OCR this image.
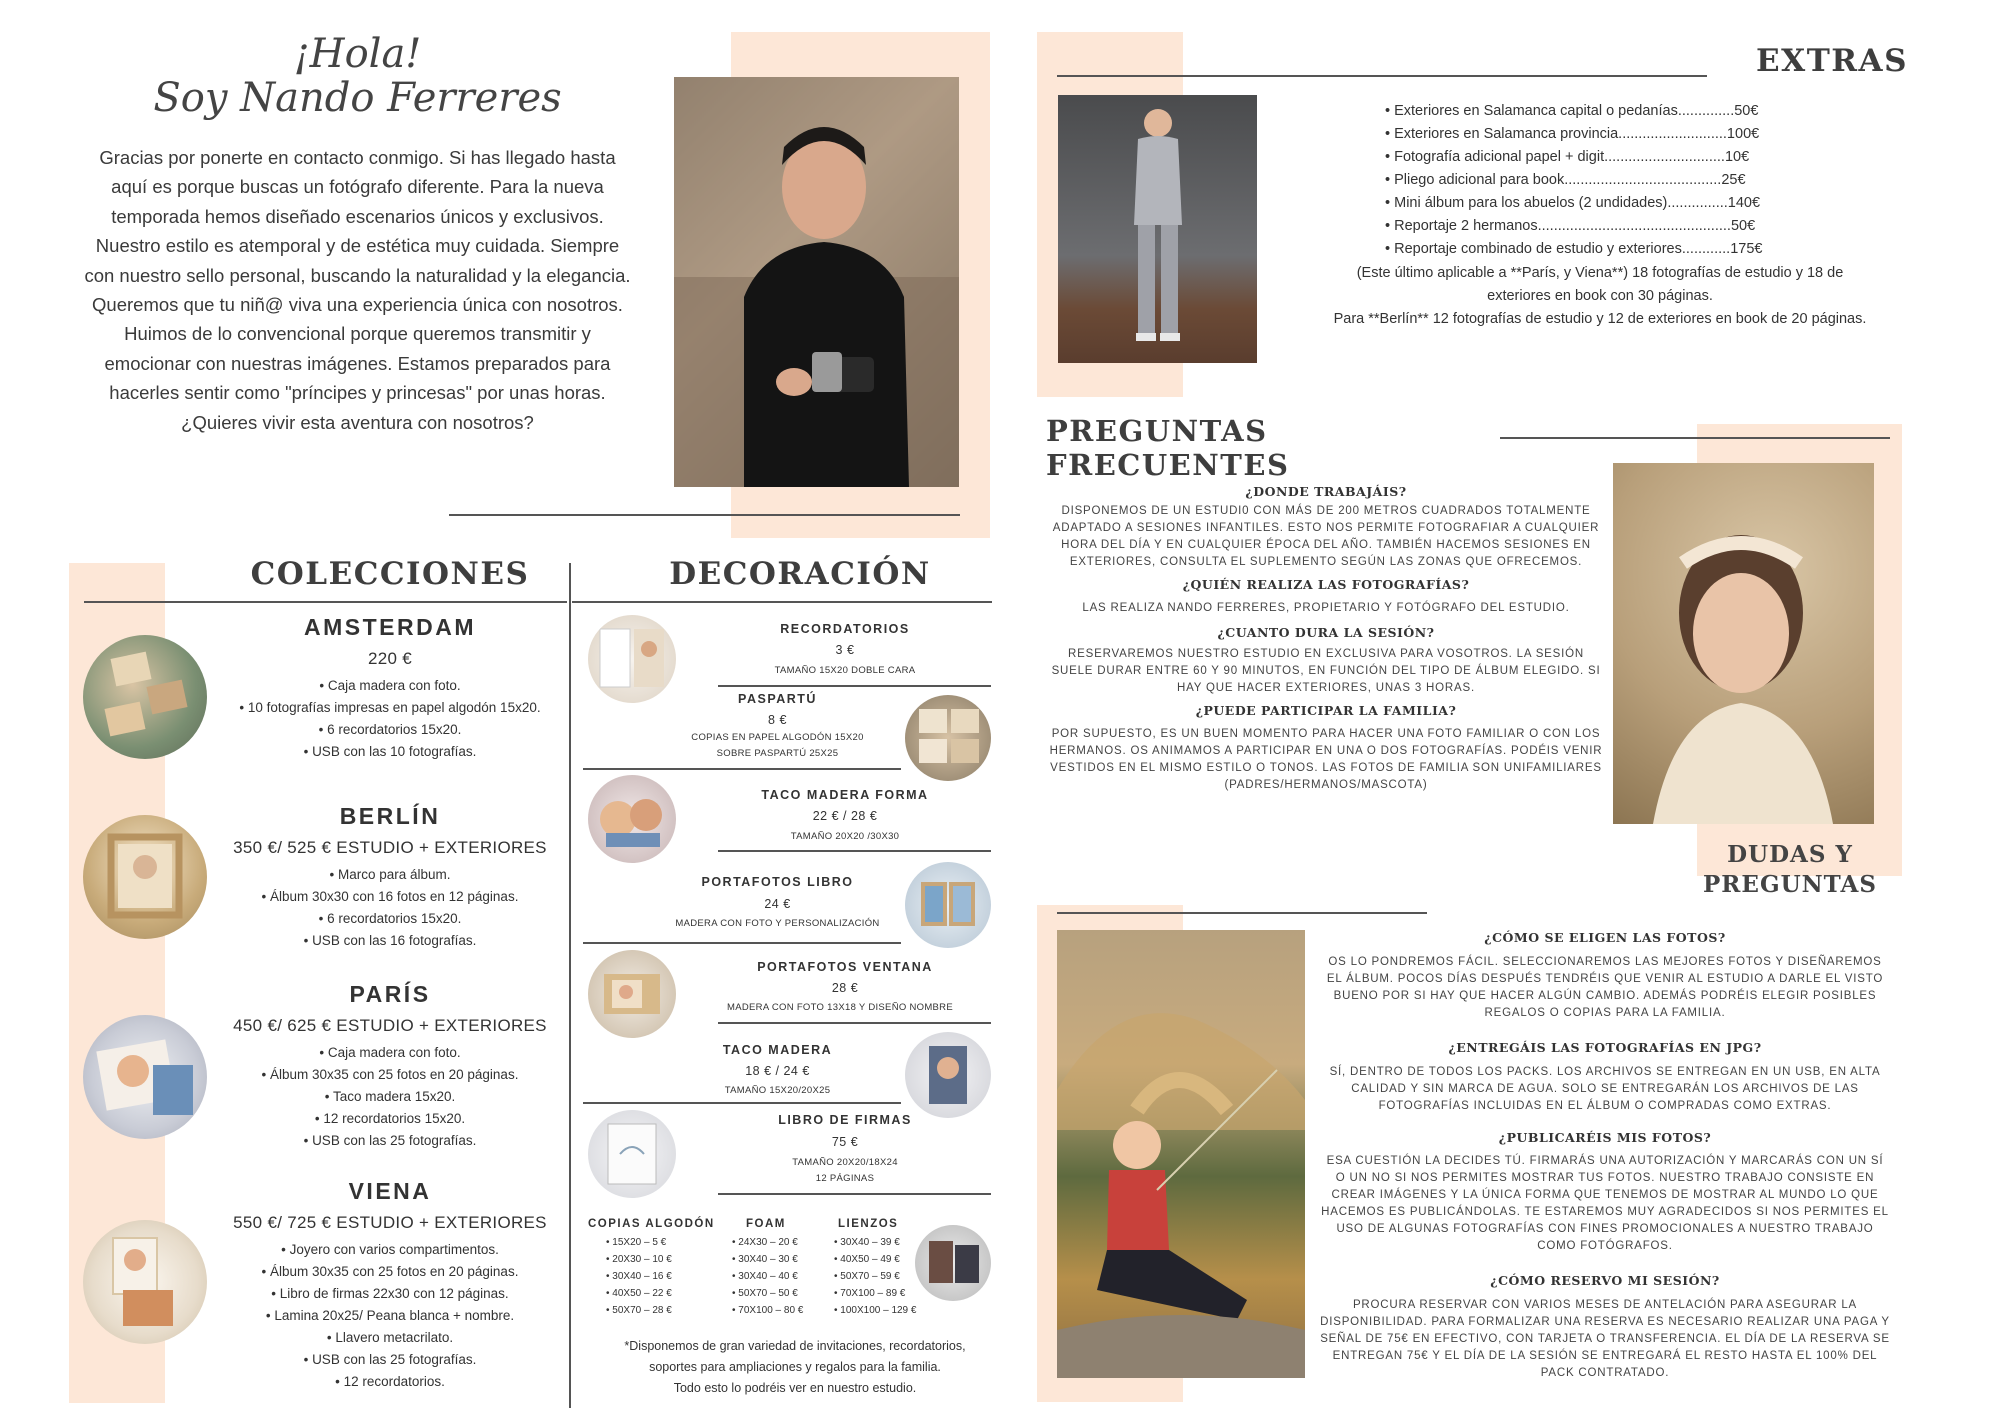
¡Hola!
Soy Nando Ferreres

Gracias por ponerte en contacto conmigo. Si has llegado hasta aquí es porque buscas un fotógrafo diferente. Para la nueva temporada hemos diseñado escenarios únicos y exclusivos. Nuestro estilo es atemporal y de estética muy cuidada. Siempre con nuestro sello personal, buscando la naturalidad y la elegancia. Queremos que tu niñ@ viva una experiencia única con nosotros. Huimos de lo convencional porque queremos transmitir y emocionar con nuestras imágenes. Estamos preparados para hacerles sentir como "príncipes y princesas" por unas horas. ¿Quieres vivir esta aventura con nosotros?

COLECCIONES
AMSTERDAM
220 €
• Caja madera con foto.
• 10 fotografías impresas en papel algodón 15x20.
• 6 recordatorios 15x20.
• USB con las 10 fotografías.
BERLÍN
350 €/ 525 € ESTUDIO + EXTERIORES
• Marco para álbum.
• Álbum 30x30 con 16 fotos en 12 páginas.
• 6 recordatorios 15x20.
• USB con las 16 fotografías.
PARÍS
450 €/ 625 € ESTUDIO + EXTERIORES
• Caja madera con foto.
• Álbum 30x35 con 25 fotos en 20 páginas.
• Taco madera 15x20.
• 12 recordatorios 15x20.
• USB con las 25 fotografías.
VIENA
550 €/ 725 € ESTUDIO + EXTERIORES
• Joyero con varios compartimentos.
• Álbum 30x35 con 25 fotos en 20 páginas.
• Libro de firmas 22x30 con 12 páginas.
• Lamina 20x25/ Peana blanca + nombre.
• Llavero metacrilato.
• USB con las 25 fotografías.
• 12 recordatorios.
DECORACIÓN
RECORDATORIOS
3 €
TAMAÑO 15X20 DOBLE CARA
PASPARTÚ
8 €
COPIAS EN PAPEL ALGODÓN 15X20
SOBRE PASPARTÚ 25X25
TACO MADERA FORMA
22 € / 28 €
TAMAÑO 20X20 /30X30
PORTAFOTOS LIBRO
24 €
MADERA CON FOTO Y PERSONALIZACIÓN
PORTAFOTOS VENTANA
28 €
MADERA CON FOTO 13X18 Y DISEÑO NOMBRE
TACO MADERA
18 € / 24 €
TAMAÑO 15X20/20X25
LIBRO DE FIRMAS
75 €
TAMAÑO 20X20/18X24
12 PÁGINAS
COPIAS ALGODÓN
• 15X20 – 5 €
• 20X30 – 10 €
• 30X40 – 16 €
• 40X50 – 22 €
• 50X70 – 28 €
FOAM
• 24X30 – 20 €
• 30X40 – 30 €
• 30X40 – 40 €
• 50X70 – 50 €
• 70X100 – 80 €
LIENZOS
• 30X40 – 39 €
• 40X50 – 49 €
• 50X70 – 59 €
• 70X100 – 89 €
• 100X100 – 129 €
*Disponemos de gran variedad de invitaciones, recordatorios,
soportes para ampliaciones y regalos para la familia.
Todo esto lo podréis ver en nuestro estudio.
EXTRAS
• Exteriores en Salamanca capital o pedanías..............50€
• Exteriores en Salamanca provincia...........................100€
• Fotografía adicional papel + digit..............................10€
• Pliego adicional para book.......................................25€
• Mini álbum para los abuelos (2 undidades)...............140€
• Reportaje 2 hermanos................................................50€
• Reportaje combinado de estudio y exteriores............175€
(Este último aplicable a **París, y Viena**) 18 fotografías de estudio y 18 de exteriores en book con 30 páginas.
Para **Berlín** 12 fotografías de estudio y 12 de exteriores en book de 20 páginas.
PREGUNTAS FRECUENTES
¿DONDE TRABAJÁIS?
DISPONEMOS DE UN ESTUDI0 CON MÁS DE 200 METROS CUADRADOS TOTALMENTE ADAPTADO A SESIONES INFANTILES. ESTO NOS PERMITE FOTOGRAFIAR A CUALQUIER HORA DEL DÍA Y EN CUALQUIER ÉPOCA DEL AÑO. TAMBIÉN HACEMOS SESIONES EN EXTERIORES, CONSULTA EL SUPLEMENTO SEGÚN LAS ZONAS QUE OFRECEMOS.
¿QUIÉN REALIZA LAS FOTOGRAFÍAS?
LAS REALIZA NANDO FERRERES, PROPIETARIO Y FOTÓGRAFO DEL ESTUDIO.
¿CUANTO DURA LA SESIÓN?
RESERVAREMOS NUESTRO ESTUDIO EN EXCLUSIVA PARA VOSOTROS. LA SESIÓN SUELE DURAR ENTRE 60 Y 90 MINUTOS, EN FUNCIÓN DEL TIPO DE ÁLBUM ELEGIDO. SI HAY QUE HACER EXTERIORES, UNAS 3 HORAS.
¿PUEDE PARTICIPAR LA FAMILIA?
POR SUPUESTO, ES UN BUEN MOMENTO PARA HACER UNA FOTO FAMILIAR O CON LOS HERMANOS. OS ANIMAMOS A PARTICIPAR EN UNA O DOS FOTOGRAFÍAS. PODÉIS VENIR VESTIDOS EN EL MISMO ESTILO O TONOS. LAS FOTOS DE FAMILIA SON UNIFAMILIARES (PADRES/HERMANOS/MASCOTA)
DUDAS Y
PREGUNTAS
¿CÓMO SE ELIGEN LAS FOTOS?
OS LO PONDREMOS FÁCIL. SELECCIONAREMOS LAS MEJORES FOTOS Y DISEÑAREMOS EL ÁLBUM. POCOS DÍAS DESPUÉS TENDRÉIS QUE VENIR AL ESTUDIO A DARLE EL VISTO BUENO POR SI HAY QUE HACER ALGÚN CAMBIO. ADEMÁS PODRÉIS ELEGIR POSIBLES REGALOS O COPIAS PARA LA FAMILIA.
¿ENTREGÁIS LAS FOTOGRAFÍAS EN JPG?
SÍ, DENTRO DE TODOS LOS PACKS. LOS ARCHIVOS SE ENTREGAN EN UN USB, EN ALTA CALIDAD Y SIN MARCA DE AGUA. SOLO SE ENTREGARÁN LOS ARCHIVOS DE LAS FOTOGRAFÍAS INCLUIDAS EN EL ÁLBUM O COMPRADAS COMO EXTRAS.
¿PUBLICARÉIS MIS FOTOS?
ESA CUESTIÓN LA DECIDES TÚ. FIRMARÁS UNA AUTORIZACIÓN Y MARCARÁS CON UN SÍ O UN NO SI NOS PERMITES MOSTRAR TUS FOTOS. NUESTRO TRABAJO CONSISTE EN CREAR IMÁGENES Y LA ÚNICA FORMA QUE TENEMOS DE MOSTRAR AL MUNDO LO QUE HACEMOS ES PUBLICÁNDOLAS. TE ESTAREMOS MUY AGRADECIDOS SI NOS PERMITES EL USO DE ALGUNAS FOTOGRAFÍAS CON FINES PROMOCIONALES A NUESTRO TRABAJO COMO FOTÓGRAFOS.
¿CÓMO RESERVO MI SESIÓN?
PROCURA RESERVAR CON VARIOS MESES DE ANTELACIÓN PARA ASEGURAR LA DISPONIBILIDAD. PARA FORMALIZAR UNA RESERVA ES NECESARIO REALIZAR UNA PAGA Y SEÑAL DE 75€ EN EFECTIVO, CON TARJETA O TRANSFERENCIA. EL DÍA DE LA RESERVA SE ENTREGAN 75€ Y EL DÍA DE LA SESIÓN SE ENTREGARÁ EL RESTO HASTA EL 100% DEL PACK CONTRATADO.
